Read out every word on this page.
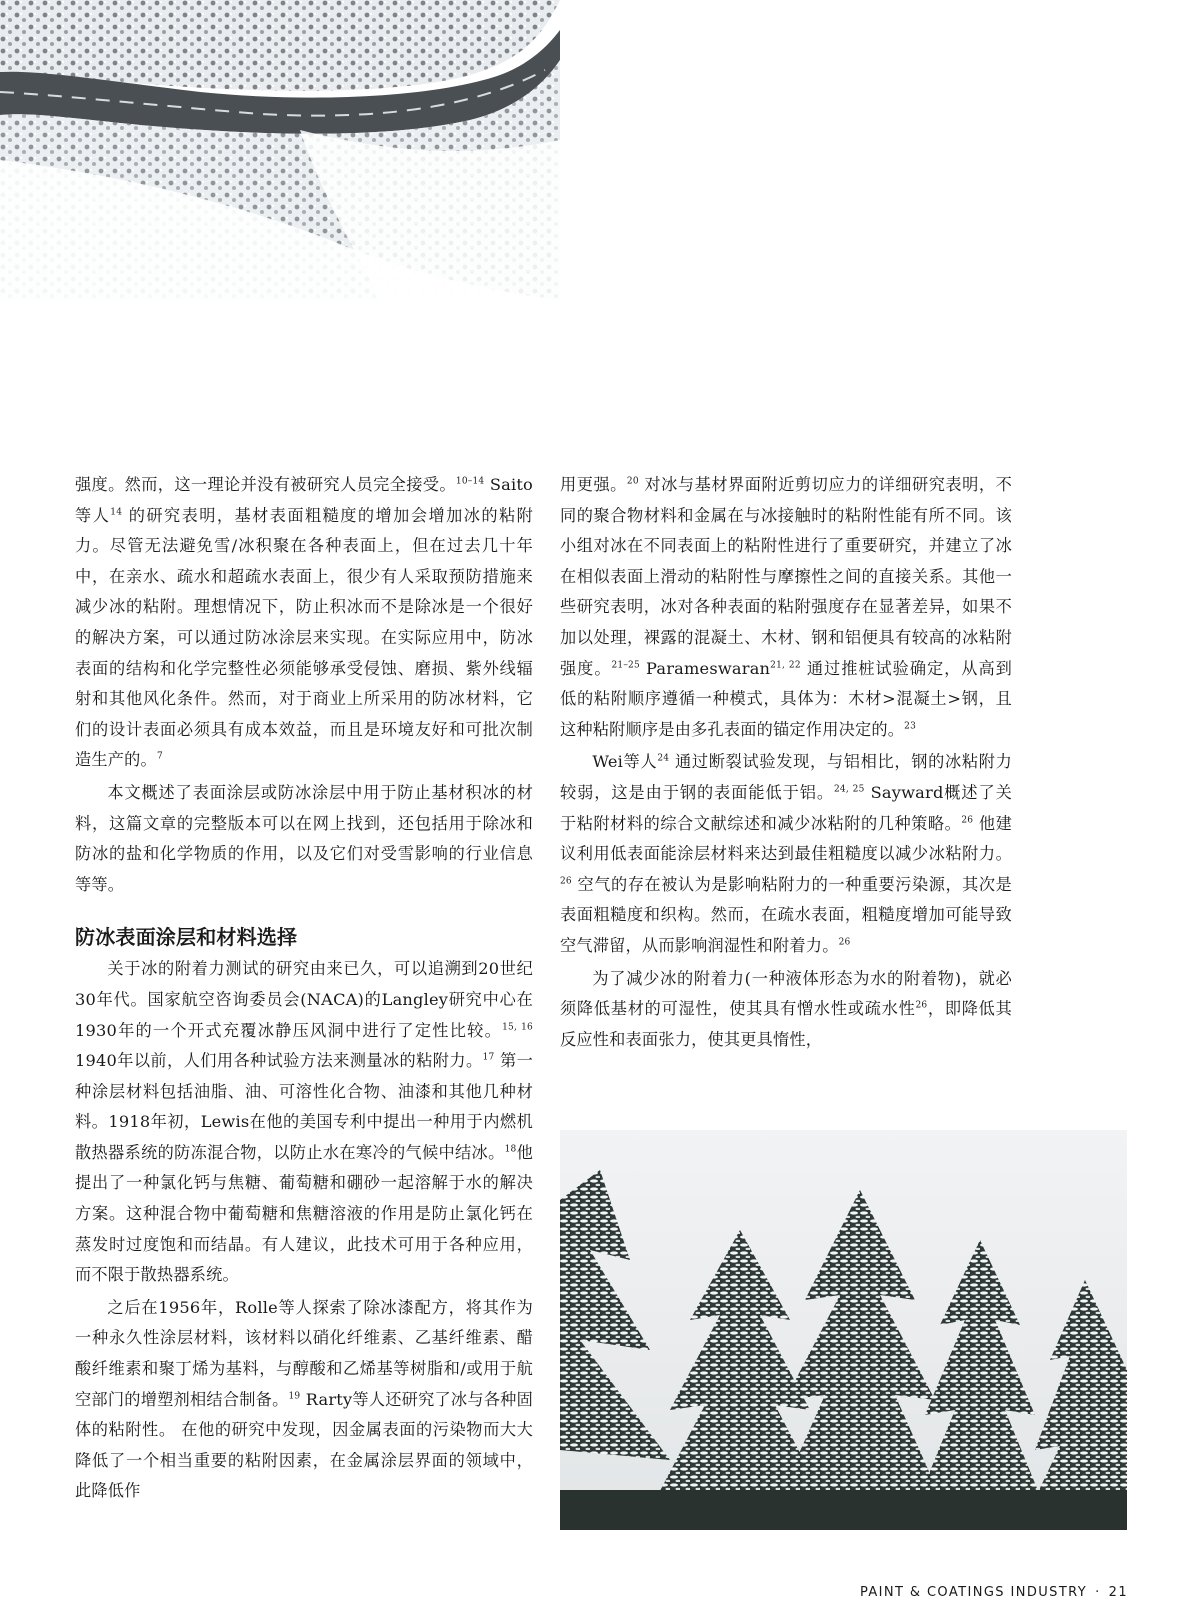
强度。然而，这一理论并没有被研究人员完全接受。$^{10-14}$ Saito等人$^{14}$ 的研究表明，基材表面粗糙度的增加会增加冰的粘附力。尽管无法避免雪/冰积聚在各种表面上，但在过去几十年中，在亲水、疏水和超疏水表面上，很少有人采取预防措施来减少冰的粘附。理想情况下，防止积冰而不是除冰是一个很好的解决方案，可以通过防冰涂层来实现。在实际应用中，防冰表面的结构和化学完整性必须能够承受侵蚀、磨损、紫外线辐射和其他风化条件。然而，对于商业上所采用的防冰材料，它们的设计表面必须具有成本效益，而且是环境友好和可批次制造生产的。$^7$

本文概述了表面涂层或防冰涂层中用于防止基材积冰的材料，这篇文章的完整版本可以在网上找到，还包括用于除冰和防冰的盐和化学物质的作用，以及它们对受雪影响的行业信息等等。

防冰表面涂层和材料选择

关于冰的附着力测试的研究由来已久，可以追溯到20世纪30年代。国家航空咨询委员会(NACA)的Langley研究中心在1930年的一个开式充覆冰静压风洞中进行了定性比较。$^{15, 16}$ 1940年以前，人们用各种试验方法来测量冰的粘附力。$^{17}$ 第一种涂层材料包括油脂、油、可溶性化合物、油漆和其他几种材料。1918年初，Lewis在他的美国专利中提出一种用于内燃机散热器系统的防冻混合物，以防止水在寒冷的气候中结冰。$^{18}$他提出了一种氯化钙与焦糖、葡萄糖和硼砂一起溶解于水的解决方案。这种混合物中葡萄糖和焦糖溶液的作用是防止氯化钙在蒸发时过度饱和而结晶。有人建议，此技术可用于各种应用，而不限于散热器系统。

之后在1956年，Rolle等人探索了除冰漆配方，将其作为一种永久性涂层材料，该材料以硝化纤维素、乙基纤维素、醋酸纤维素和聚丁烯为基料，与醇酸和乙烯基等树脂和/或用于航空部门的增塑剂相结合制备。$^{19}$ Rarty等人还研究了冰与各种固体的粘附性。 在他的研究中发现，因金属表面的污染物而大大降低了一个相当重要的粘附因素，在金属涂层界面的领域中，此降低作

用更强。$^{20}$ 对冰与基材界面附近剪切应力的详细研究表明，不同的聚合物材料和金属在与冰接触时的粘附性能有所不同。该小组对冰在不同表面上的粘附性进行了重要研究，并建立了冰在相似表面上滑动的粘附性与摩擦性之间的直接关系。其他一些研究表明，冰对各种表面的粘附强度存在显著差异，如果不加以处理，裸露的混凝土、木材、钢和铝便具有较高的冰粘附强度。$^{21-25}$ Parameswaran$^{21, 22}$ 通过推桩试验确定，从高到低的粘附顺序遵循一种模式，具体为：木材>混凝土>钢，且这种粘附顺序是由多孔表面的锚定作用决定的。$^{23}$

Wei等人$^{24}$ 通过断裂试验发现，与铝相比，钢的冰粘附力较弱，这是由于钢的表面能低于铝。$^{24, 25}$ Sayward概述了关于粘附材料的综合文献综述和减少冰粘附的几种策略。$^{26}$ 他建议利用低表面能涂层材料来达到最佳粗糙度以减少冰粘附力。$^{26}$ 空气的存在被认为是影响粘附力的一种重要污染源，其次是表面粗糙度和织构。然而，在疏水表面，粗糙度增加可能导致空气滞留，从而影响润湿性和附着力。$^{26}$

为了减少冰的附着力(一种液体形态为水的附着物)，就必须降低基材的可湿性，使其具有憎水性或疏水性$^{26}$，即降低其反应性和表面张力，使其更具惰性，

PAINT & COATINGS INDUSTRY · 21
